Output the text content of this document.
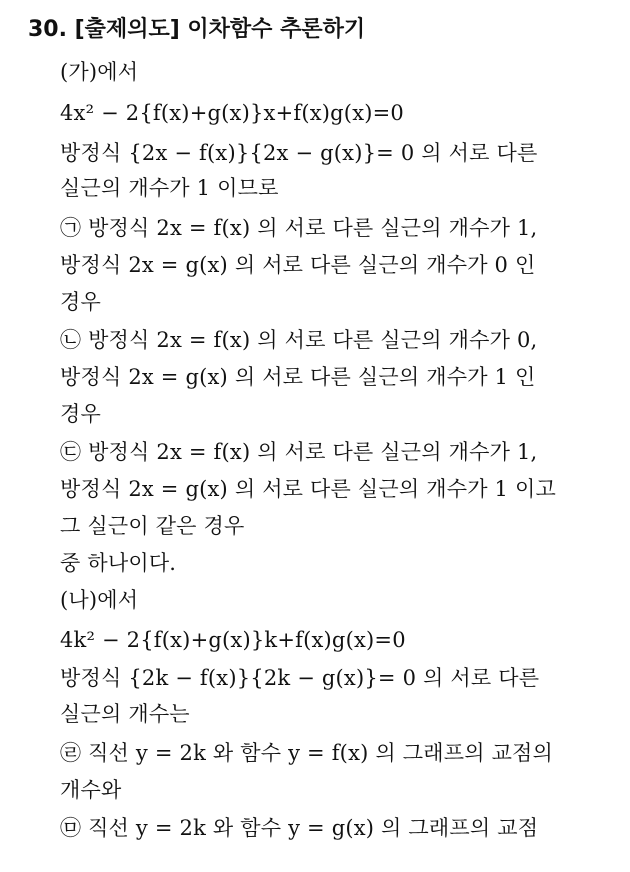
30. [출제의도] 이차함수 추론하기
(가)에서
4x² − 2{f(x)+g(x)}x+f(x)g(x)=0
방정식 {2x − f(x)}{2x − g(x)}= 0 의 서로 다른
실근의 개수가 1 이므로
㉠ 방정식 2x = f(x) 의 서로 다른 실근의 개수가 1,
방정식 2x = g(x) 의 서로 다른 실근의 개수가 0 인
경우
㉡ 방정식 2x = f(x) 의 서로 다른 실근의 개수가 0,
방정식 2x = g(x) 의 서로 다른 실근의 개수가 1 인
경우
㉢ 방정식 2x = f(x) 의 서로 다른 실근의 개수가 1,
방정식 2x = g(x) 의 서로 다른 실근의 개수가 1 이고
그 실근이 같은 경우
중 하나이다.
(나)에서
4k² − 2{f(x)+g(x)}k+f(x)g(x)=0
방정식 {2k − f(x)}{2k − g(x)}= 0 의 서로 다른
실근의 개수는
㉣ 직선 y = 2k 와 함수 y = f(x) 의 그래프의 교점의
개수와
㉤ 직선 y = 2k 와 함수 y = g(x) 의 그래프의 교점
